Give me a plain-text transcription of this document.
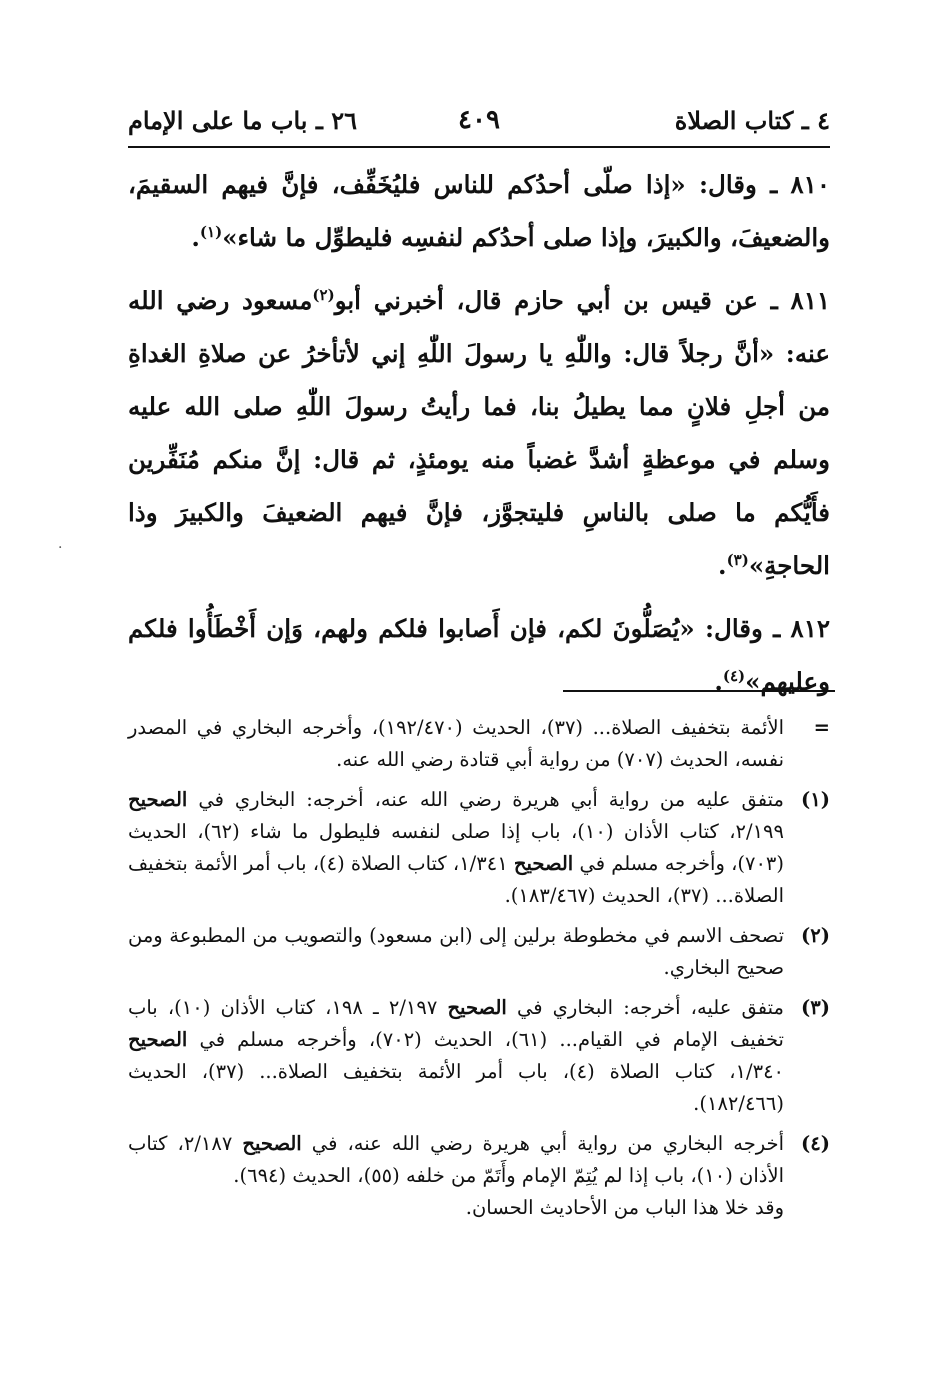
٤ ـ كتاب الصلاة
٤٠٩
٢٦ ـ باب ما على الإمام

٨١٠ ـ وقال: «إذا صلّى أحدُكم للناس فليُخَفِّف، فإنَّ فيهم السقيمَ، والضعيفَ، والكبيرَ، وإذا صلى أحدُكم لنفسِه فليطوِّل ما شاء»$^{(١)}$.

٨١١ ـ عن قيس بن أبي حازم قال، أخبرني أبو$^{(٢)}$مسعود رضي الله عنه: «أنَّ رجلاً قال: واللّٰهِ يا رسولَ اللّٰهِ إني لأتأخرُ عن صلاةِ الغداةِ من أجلِ فلانٍ مما يطيلُ بنا، فما رأيتُ رسولَ اللّٰهِ صلى الله عليه وسلم في موعظةٍ أشدَّ غضباً منه يومئذٍ، ثم قال: إنَّ منكم مُنَفِّرين فأَيُّكم ما صلى بالناسِ فليتجوَّز، فإنَّ فيهم الضعيفَ والكبيرَ وذا الحاجةِ»$^{(٣)}$.

٨١٢ ـ وقال: «يُصَلُّونَ لكم، فإن أَصابوا فلكم ولهم، وَإن أَخْطَأُوا فلكم وعليهم»$^{(٤)}$.

·
=
الأئمة بتخفيف الصلاة... (٣٧)، الحديث (١٩٢/٤٧٠)، وأخرجه البخاري في المصدر نفسه، الحديث (٧٠٧) من رواية أبي قتادة رضي الله عنه.
(١)
متفق عليه من رواية أبي هريرة رضي الله عنه، أخرجه: البخاري في الصحيح ٢/١٩٩، كتاب الأذان (١٠)، باب إذا صلى لنفسه فليطول ما شاء (٦٢)، الحديث (٧٠٣)، وأخرجه مسلم في الصحيح ١/٣٤١، كتاب الصلاة (٤)، باب أمر الأئمة بتخفيف الصلاة... (٣٧)، الحديث (١٨٣/٤٦٧).
(٢)
تصحف الاسم في مخطوطة برلين إلى (ابن مسعود) والتصويب من المطبوعة ومن صحيح البخاري.
(٣)
متفق عليه، أخرجه: البخاري في الصحيح ٢/١٩٧ ـ ١٩٨، كتاب الأذان (١٠)، باب تخفيف الإمام في القيام... (٦١)، الحديث (٧٠٢)، وأخرجه مسلم في الصحيح ١/٣٤٠، كتاب الصلاة (٤)، باب أمر الأئمة بتخفيف الصلاة... (٣٧)، الحديث (١٨٢/٤٦٦).
(٤)
أخرجه البخاري من رواية أبي هريرة رضي الله عنه، في الصحيح ٢/١٨٧، كتاب الأذان (١٠)، باب إذا لم يُتِمّ الإمام وأَتَمّ من خلفه (٥٥)، الحديث (٦٩٤).
وقد خلا هذا الباب من الأحاديث الحسان.
